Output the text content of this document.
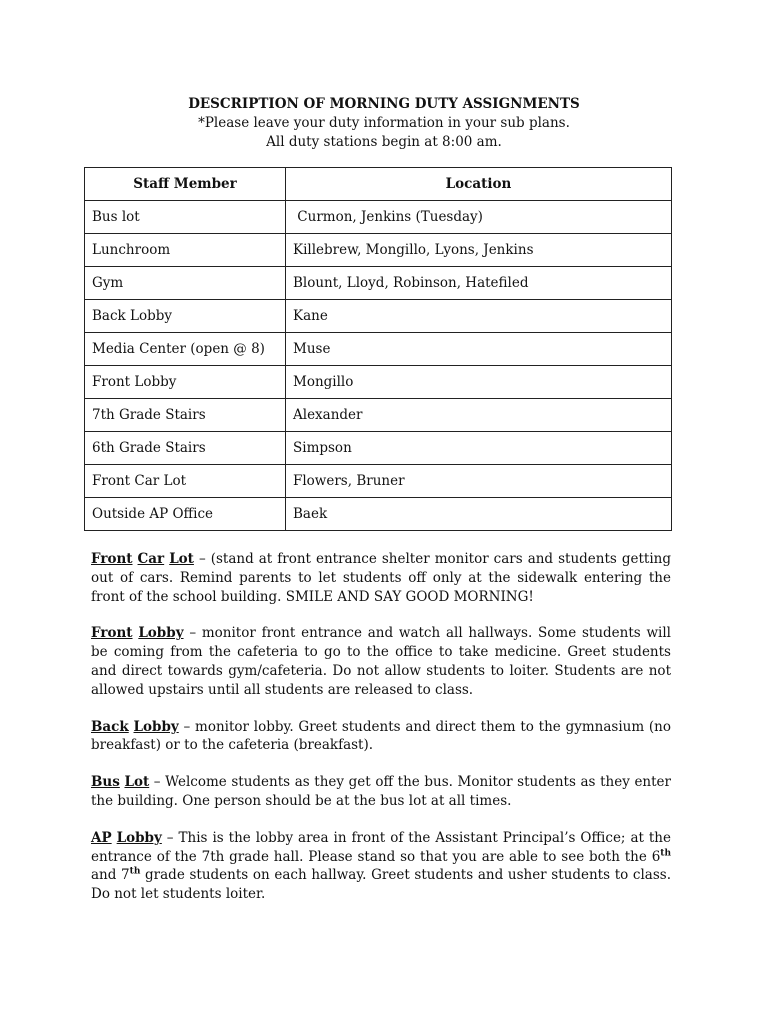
DESCRIPTION OF MORNING DUTY ASSIGNMENTS
*Please leave your duty information in your sub plans.
All duty stations begin at 8:00 am.
Staff Member	Location
Bus lot	Curmon, Jenkins (Tuesday)
Lunchroom	Killebrew, Mongillo, Lyons, Jenkins
Gym	Blount, Lloyd, Robinson, Hatefiled
Back Lobby	Kane
Media Center (open @ 8)	Muse
Front Lobby	Mongillo
7th Grade Stairs	Alexander
6th Grade Stairs	Simpson
Front Car Lot	Flowers, Bruner
Outside AP Office	Baek

Front Car Lot – (stand at front entrance shelter monitor cars and students getting out of cars. Remind parents to let students off only at the sidewalk entering the front of the school building. SMILE AND SAY GOOD MORNING!

Front Lobby – monitor front entrance and watch all hallways. Some students will be coming from the cafeteria to go to the office to take medicine. Greet students and direct towards gym/cafeteria. Do not allow students to loiter. Students are not allowed upstairs until all students are released to class.

Back Lobby – monitor lobby. Greet students and direct them to the gymnasium (no breakfast) or to the cafeteria (breakfast).

Bus Lot – Welcome students as they get off the bus. Monitor students as they enter the building. One person should be at the bus lot at all times.

AP Lobby – This is the lobby area in front of the Assistant Principal’s Office; at the entrance of the 7th grade hall. Please stand so that you are able to see both the 6th and 7th grade students on each hallway. Greet students and usher students to class. Do not let students loiter.
